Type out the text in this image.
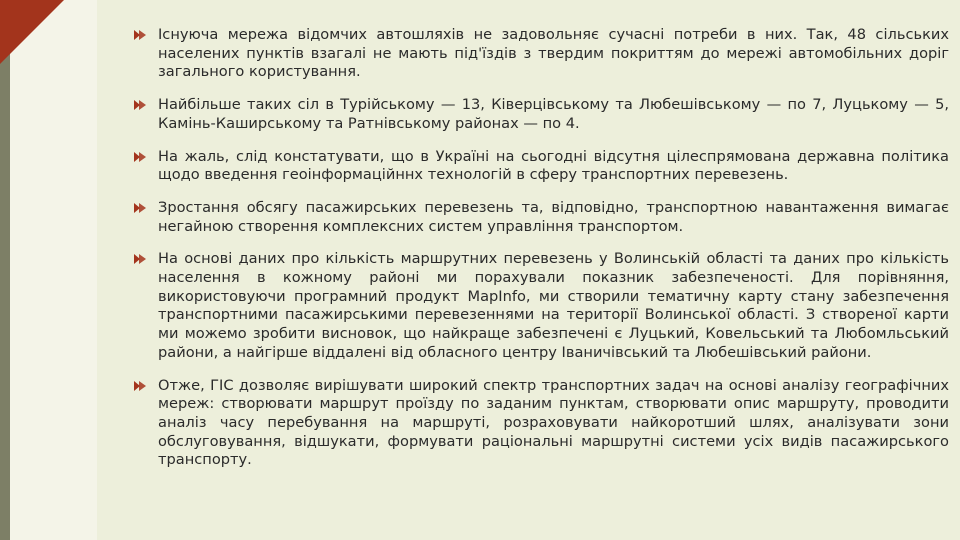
Існуюча мережа відомчих автошляхів не задовольняє сучасні потреби в них. Так, 48 сільських населених пунктів взагалі не мають під'їздів з твердим покриттям до мережі автомобільних доріг загального користування.
Найбільше таких сіл в Турійському — 13, Ківерцівському та Любешівському — по 7, Луцькому — 5, Камінь-Каширському та Ратнівському районах — по 4.
На жаль, слід констатувати, що в Україні на сьогодні відсутня цілеспрямована державна політика щодо введення геоінформаційннх технологій в сферу транспортних перевезень.
Зростання обсягу пасажирських перевезень та, відповідно, транспортною навантаження вимагає негайною створення комплексних систем управління транспортом.
На основі даних про кількість маршрутних перевезень у Волинській області та даних про кількість населення в кожному районі ми порахували показник забезпеченості. Для порівняння, використовуючи програмний продукт MapInfo, ми створили тематичну карту стану забезпечення транспортними пасажирськими перевезеннями на території Волинської області. З створеної карти ми можемо зробити висновок, що найкраще забезпечені є Луцький, Ковельський та Любомльський райони, а найгірше віддалені від обласного центру Іваничівський та Любешівський райони.
Отже, ГІС дозволяє вирішувати широкий спектр транспортних задач на основі аналізу географічних мереж: створювати маршрут проїзду по заданим пунктам, створювати опис маршруту, проводити аналіз часу перебування на маршруті, розраховувати найкоротший шлях, аналізувати зони обслуговування, відшукати, формувати раціональні маршрутні системи усіх видів пасажирського транспорту.
